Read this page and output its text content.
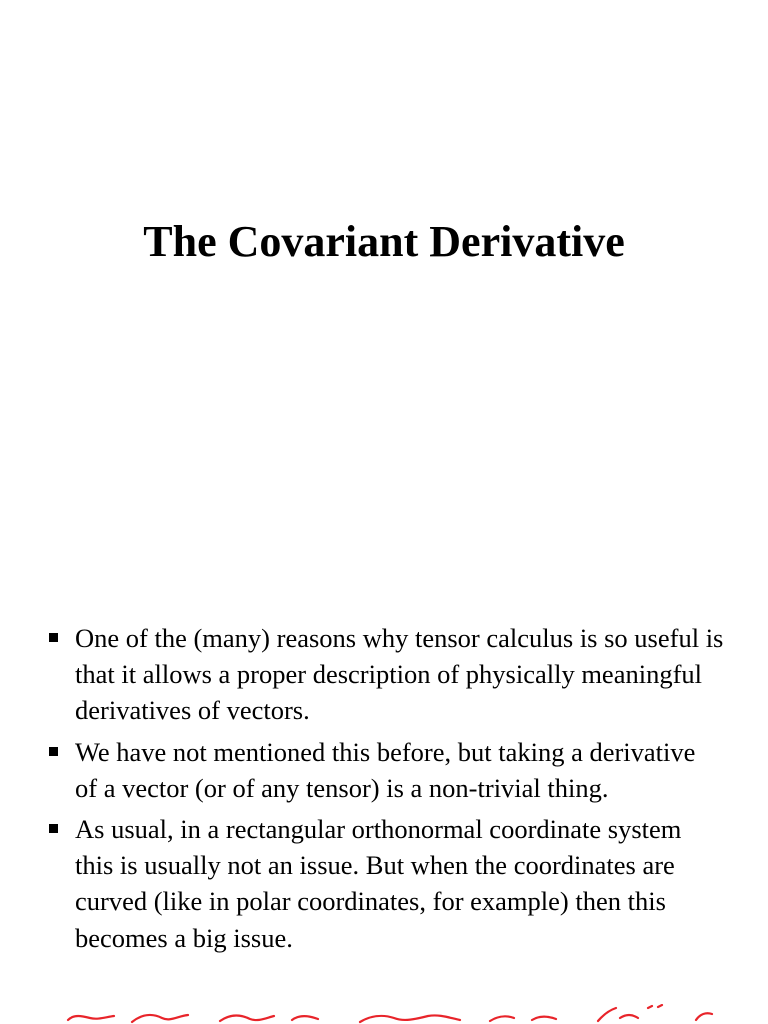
The Covariant Derivative
One of the (many) reasons why tensor calculus is so useful is that it allows a proper description of physically meaningful derivatives of vectors.
We have not mentioned this before, but taking a derivative of a vector (or of any tensor) is a non-trivial thing.
As usual, in a rectangular orthonormal coordinate system this is usually not an issue. But when the coordinates are curved (like in polar coordinates, for example) then this becomes a big issue.
